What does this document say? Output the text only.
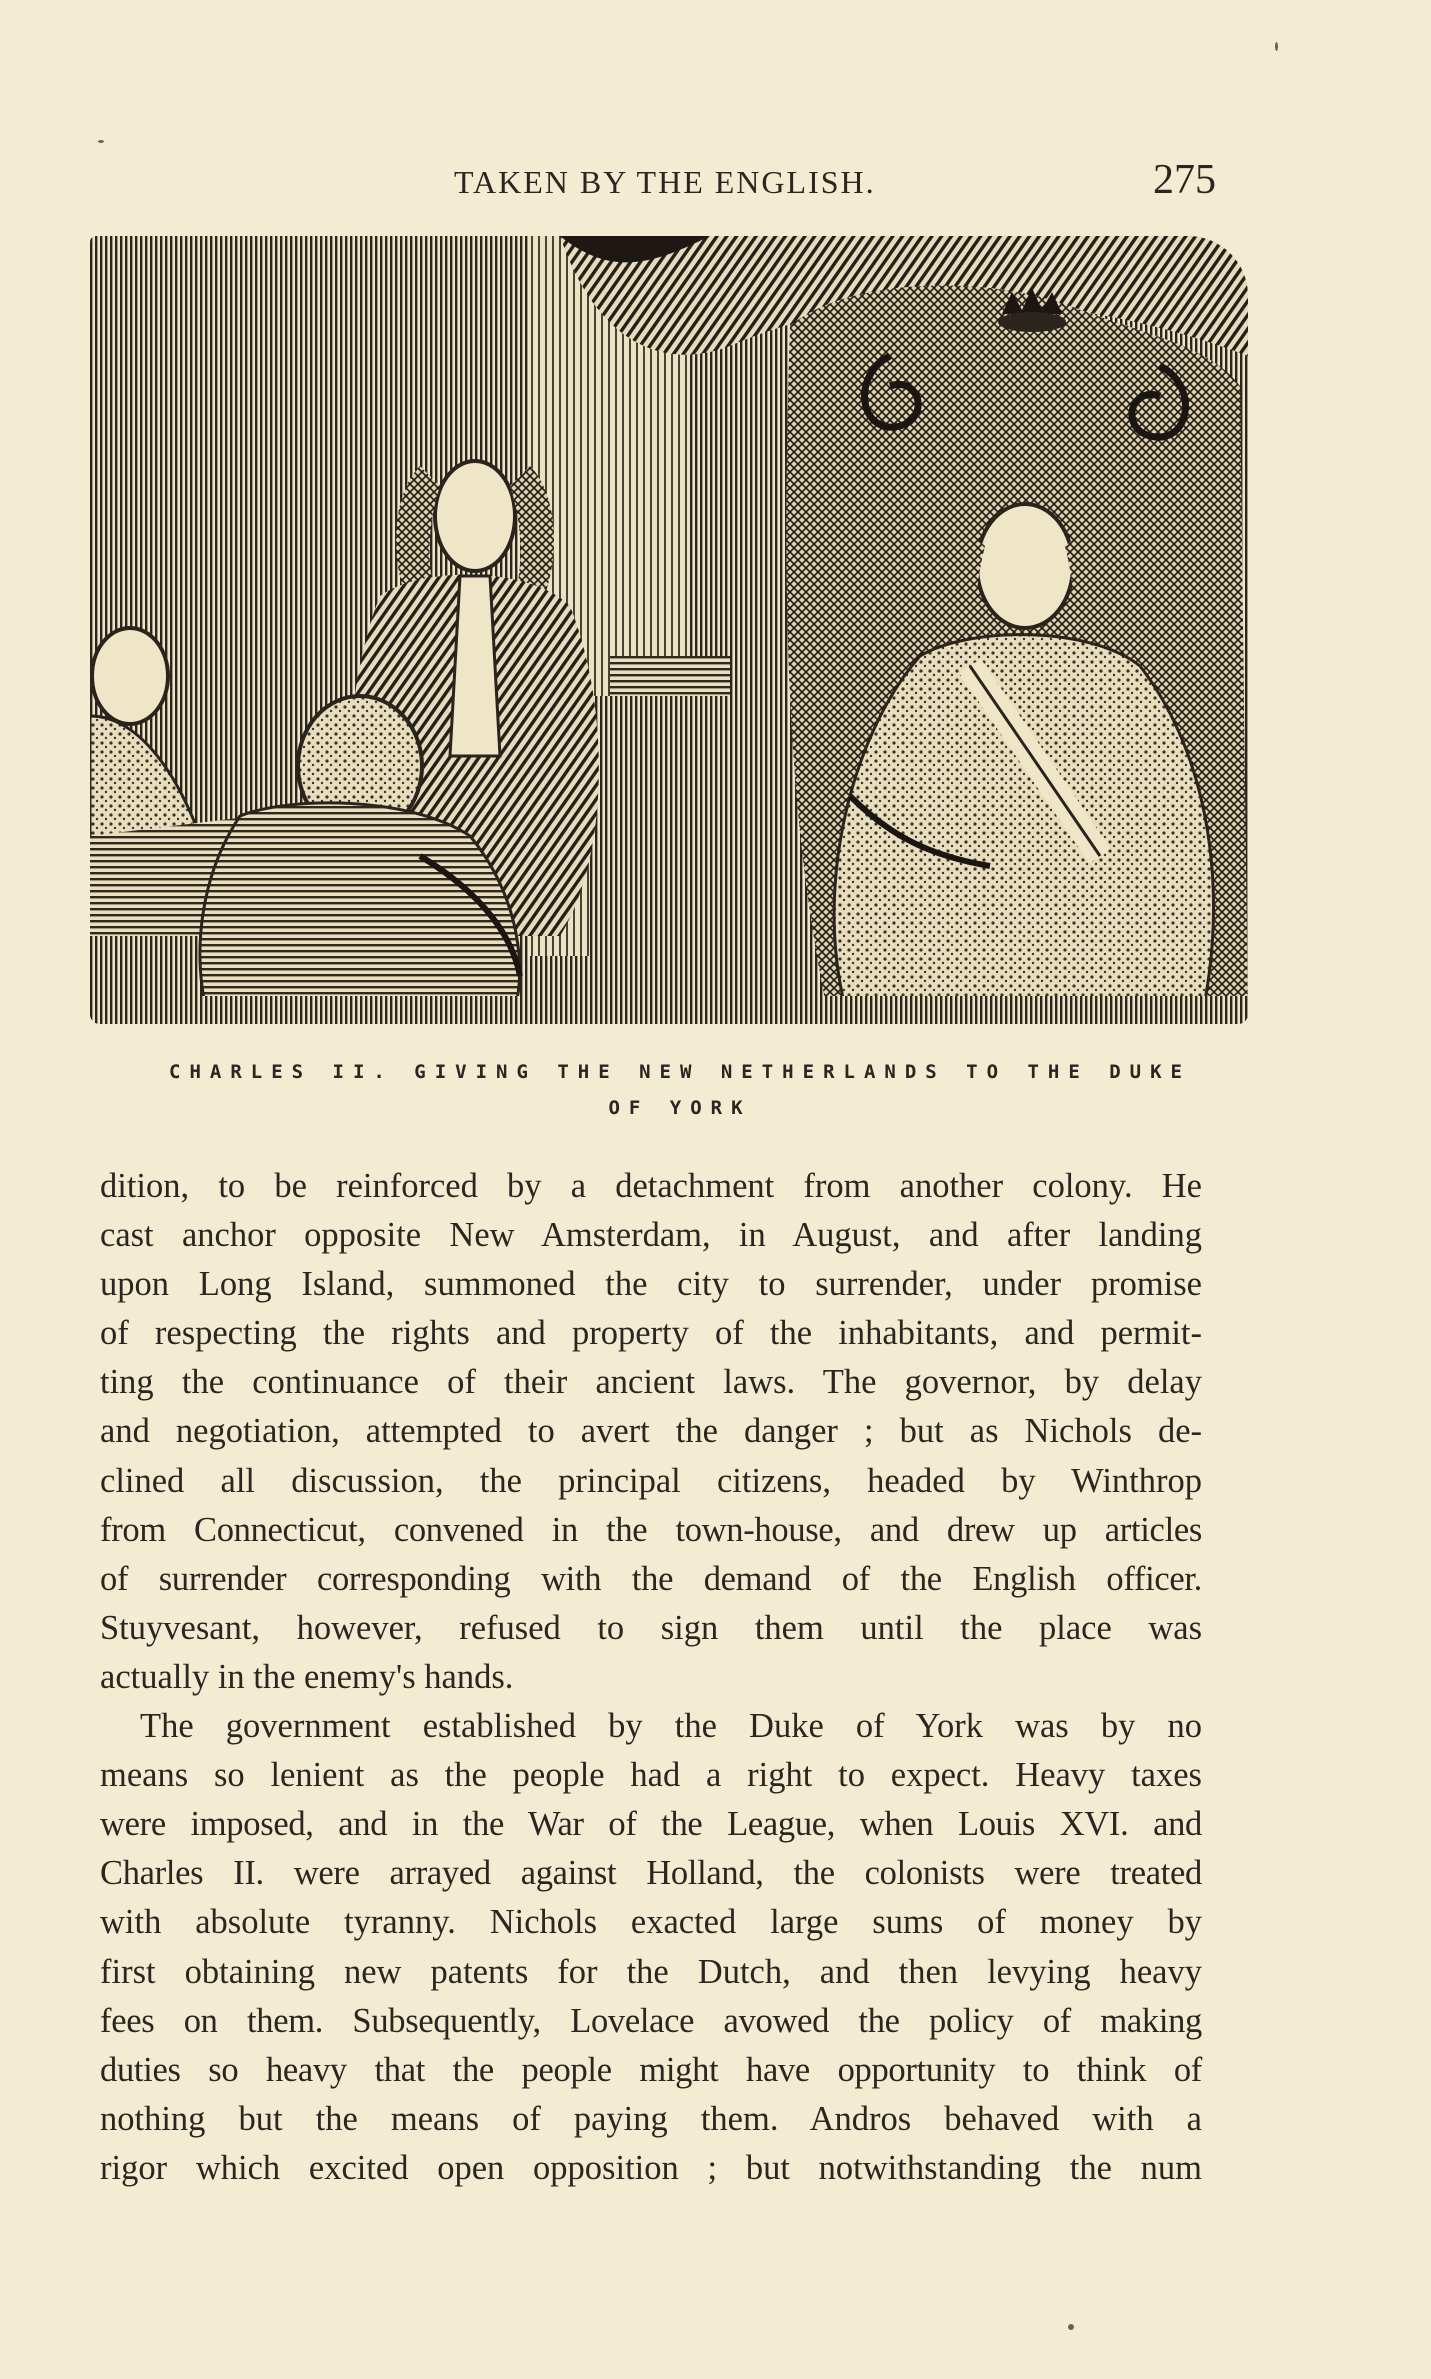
TAKEN BY THE ENGLISH.	275
CHARLES II. GIVING THE NEW NETHERLANDS TO THE DUKE
OF YORK
dition, to be reinforced by a detachment from another colony. He
cast anchor opposite New Amsterdam, in August, and after landing
upon Long Island, summoned the city to surrender, under promise
of respecting the rights and property of the inhabitants, and permit-
ting the continuance of their ancient laws. The governor, by delay
and negotiation, attempted to avert the danger ; but as Nichols de-
clined all discussion, the principal citizens, headed by Winthrop
from Connecticut, convened in the town-house, and drew up articles
of surrender corresponding with the demand of the English officer.
Stuyvesant, however, refused to sign them until the place was
actually in the enemy's hands.
The government established by the Duke of York was by no
means so lenient as the people had a right to expect. Heavy taxes
were imposed, and in the War of the League, when Louis XVI. and
Charles II. were arrayed against Holland, the colonists were treated
with absolute tyranny. Nichols exacted large sums of money by
first obtaining new patents for the Dutch, and then levying heavy
fees on them. Subsequently, Lovelace avowed the policy of making
duties so heavy that the people might have opportunity to think of
nothing but the means of paying them. Andros behaved with a
rigor which excited open opposition ; but notwithstanding the num
